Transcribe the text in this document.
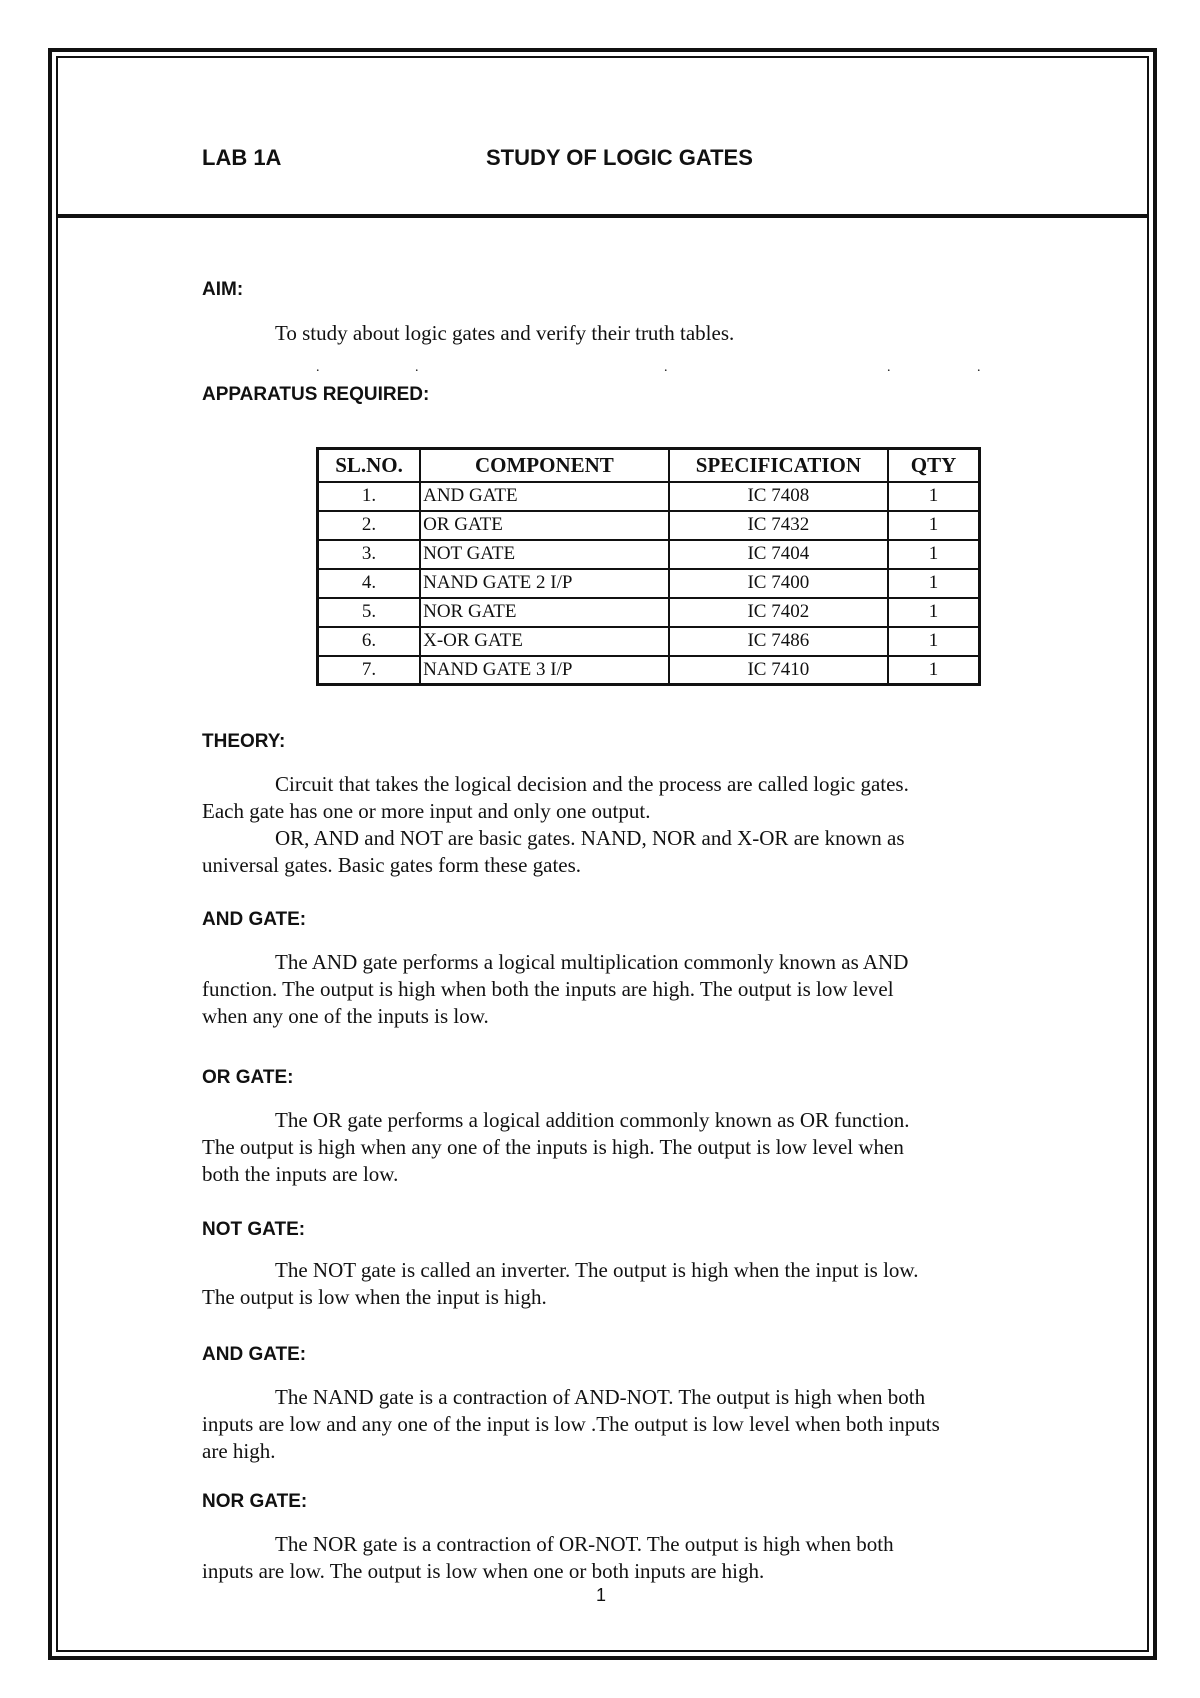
LAB 1A	STUDY OF LOGIC GATES
AIM:
To study about logic gates and verify their truth tables.
.	.	.	.	.
APPARATUS REQUIRED:
SL.NO.	COMPONENT	SPECIFICATION	QTY
1.	AND GATE	IC 7408	1
2.	OR GATE	IC 7432	1
3.	NOT GATE	IC 7404	1
4.	NAND GATE 2 I/P	IC 7400	1
5.	NOR GATE	IC 7402	1
6.	X-OR GATE	IC 7486	1
7.	NAND GATE 3 I/P	IC 7410	1
THEORY:
Circuit that takes the logical decision and the process are called logic gates.
Each gate has one or more input and only one output.
OR, AND and NOT are basic gates. NAND, NOR and X-OR are known as
universal gates. Basic gates form these gates.
AND GATE:
The AND gate performs a logical multiplication commonly known as AND
function. The output is high when both the inputs are high. The output is low level
when any one of the inputs is low.
OR GATE:
The OR gate performs a logical addition commonly known as OR function.
The output is high when any one of the inputs is high. The output is low level when
both the inputs are low.
NOT GATE:
The NOT gate is called an inverter. The output is high when the input is low.
The output is low when the input is high.
AND GATE:
The NAND gate is a contraction of AND-NOT. The output is high when both
inputs are low and any one of the input is low .The output is low level when both inputs
are high.
NOR GATE:
The NOR gate is a contraction of OR-NOT. The output is high when both
inputs are low. The output is low when one or both inputs are high.
1
